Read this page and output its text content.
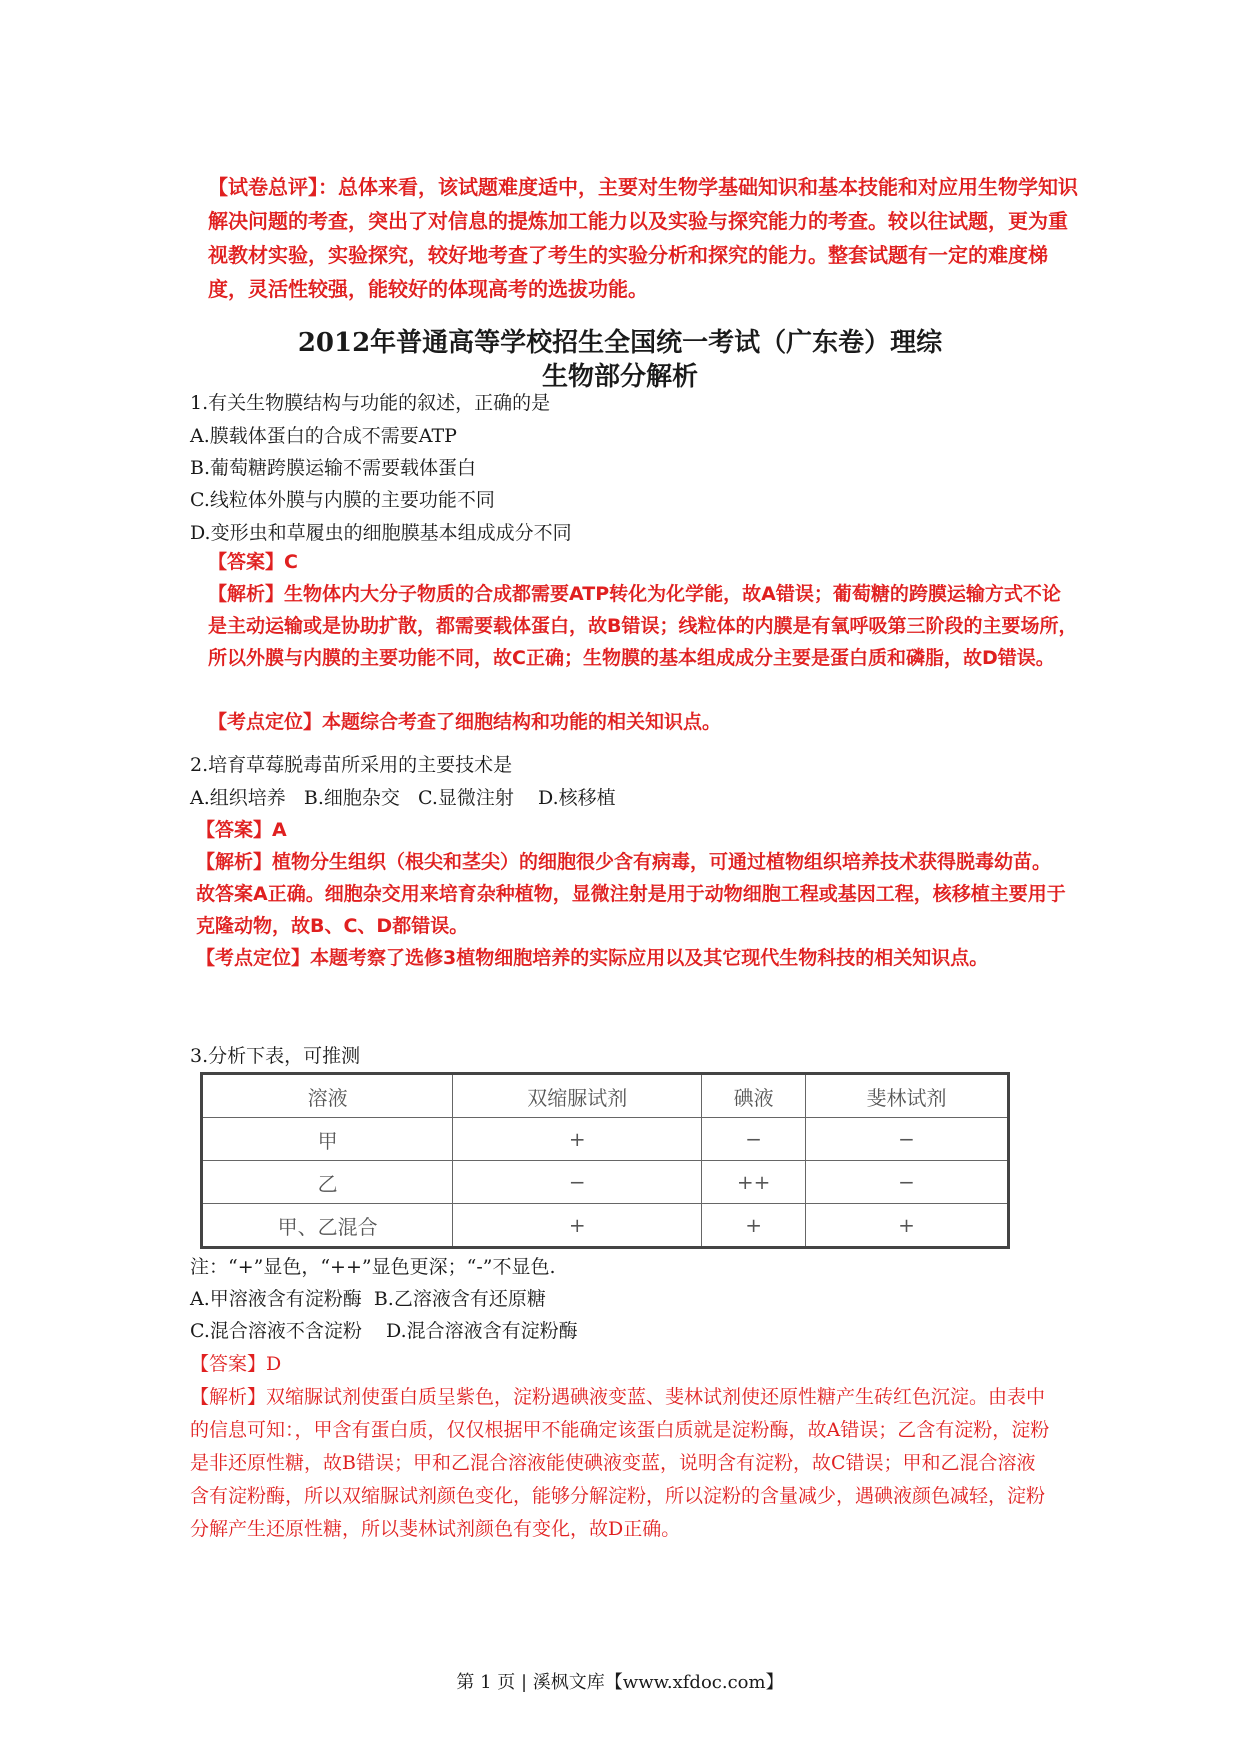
【试卷总评】：总体来看，该试题难度适中，主要对生物学基础知识和基本技能和对应用生物学知识解决问题的考查，突出了对信息的提炼加工能力以及实验与探究能力的考查。较以往试题，更为重视教材实验，实验探究，较好地考查了考生的实验分析和探究的能力。整套试题有一定的难度梯度，灵活性较强，能较好的体现高考的选拔功能。
2012年普通高等学校招生全国统一考试（广东卷）理综
生物部分解析
1.有关生物膜结构与功能的叙述，正确的是
A.膜载体蛋白的合成不需要ATP
B.葡萄糖跨膜运输不需要载体蛋白
C.线粒体外膜与内膜的主要功能不同
D.变形虫和草履虫的细胞膜基本组成成分不同
【答案】C
【解析】生物体内大分子物质的合成都需要ATP转化为化学能，故A错误；葡萄糖的跨膜运输方式不论是主动运输或是协助扩散，都需要载体蛋白，故B错误；线粒体的内膜是有氧呼吸第三阶段的主要场所，所以外膜与内膜的主要功能不同，故C正确；生物膜的基本组成成分主要是蛋白质和磷脂，故D错误。
【考点定位】本题综合考查了细胞结构和功能的相关知识点。
2.培育草莓脱毒苗所采用的主要技术是
A.组织培养   B.细胞杂交   C.显微注射    D.核移植
【答案】A
【解析】植物分生组织（根尖和茎尖）的细胞很少含有病毒，可通过植物组织培养技术获得脱毒幼苗。故答案A正确。细胞杂交用来培育杂种植物，显微注射是用于动物细胞工程或基因工程，核移植主要用于克隆动物，故B、C、D都错误。
【考点定位】本题考察了选修3植物细胞培养的实际应用以及其它现代生物科技的相关知识点。
3.分析下表，可推测
溶液	双缩脲试剂	碘液	斐林试剂
甲	+	−	−
乙	−	++	−
甲、乙混合	+	+	+
注：“+”显色，“++”显色更深；“-”不显色.
A.甲溶液含有淀粉酶  B.乙溶液含有还原糖
C.混合溶液不含淀粉    D.混合溶液含有淀粉酶
【答案】D
【解析】双缩脲试剂使蛋白质呈紫色，淀粉遇碘液变蓝、斐林试剂使还原性糖产生砖红色沉淀。由表中的信息可知：，甲含有蛋白质，仅仅根据甲不能确定该蛋白质就是淀粉酶，故A错误；乙含有淀粉，淀粉是非还原性糖，故B错误；甲和乙混合溶液能使碘液变蓝，说明含有淀粉，故C错误；甲和乙混合溶液含有淀粉酶，所以双缩脲试剂颜色变化，能够分解淀粉，所以淀粉的含量减少，遇碘液颜色减轻，淀粉分解产生还原性糖，所以斐林试剂颜色有变化，故D正确。
第 1 页 | 溪枫文库【www.xfdoc.com】
